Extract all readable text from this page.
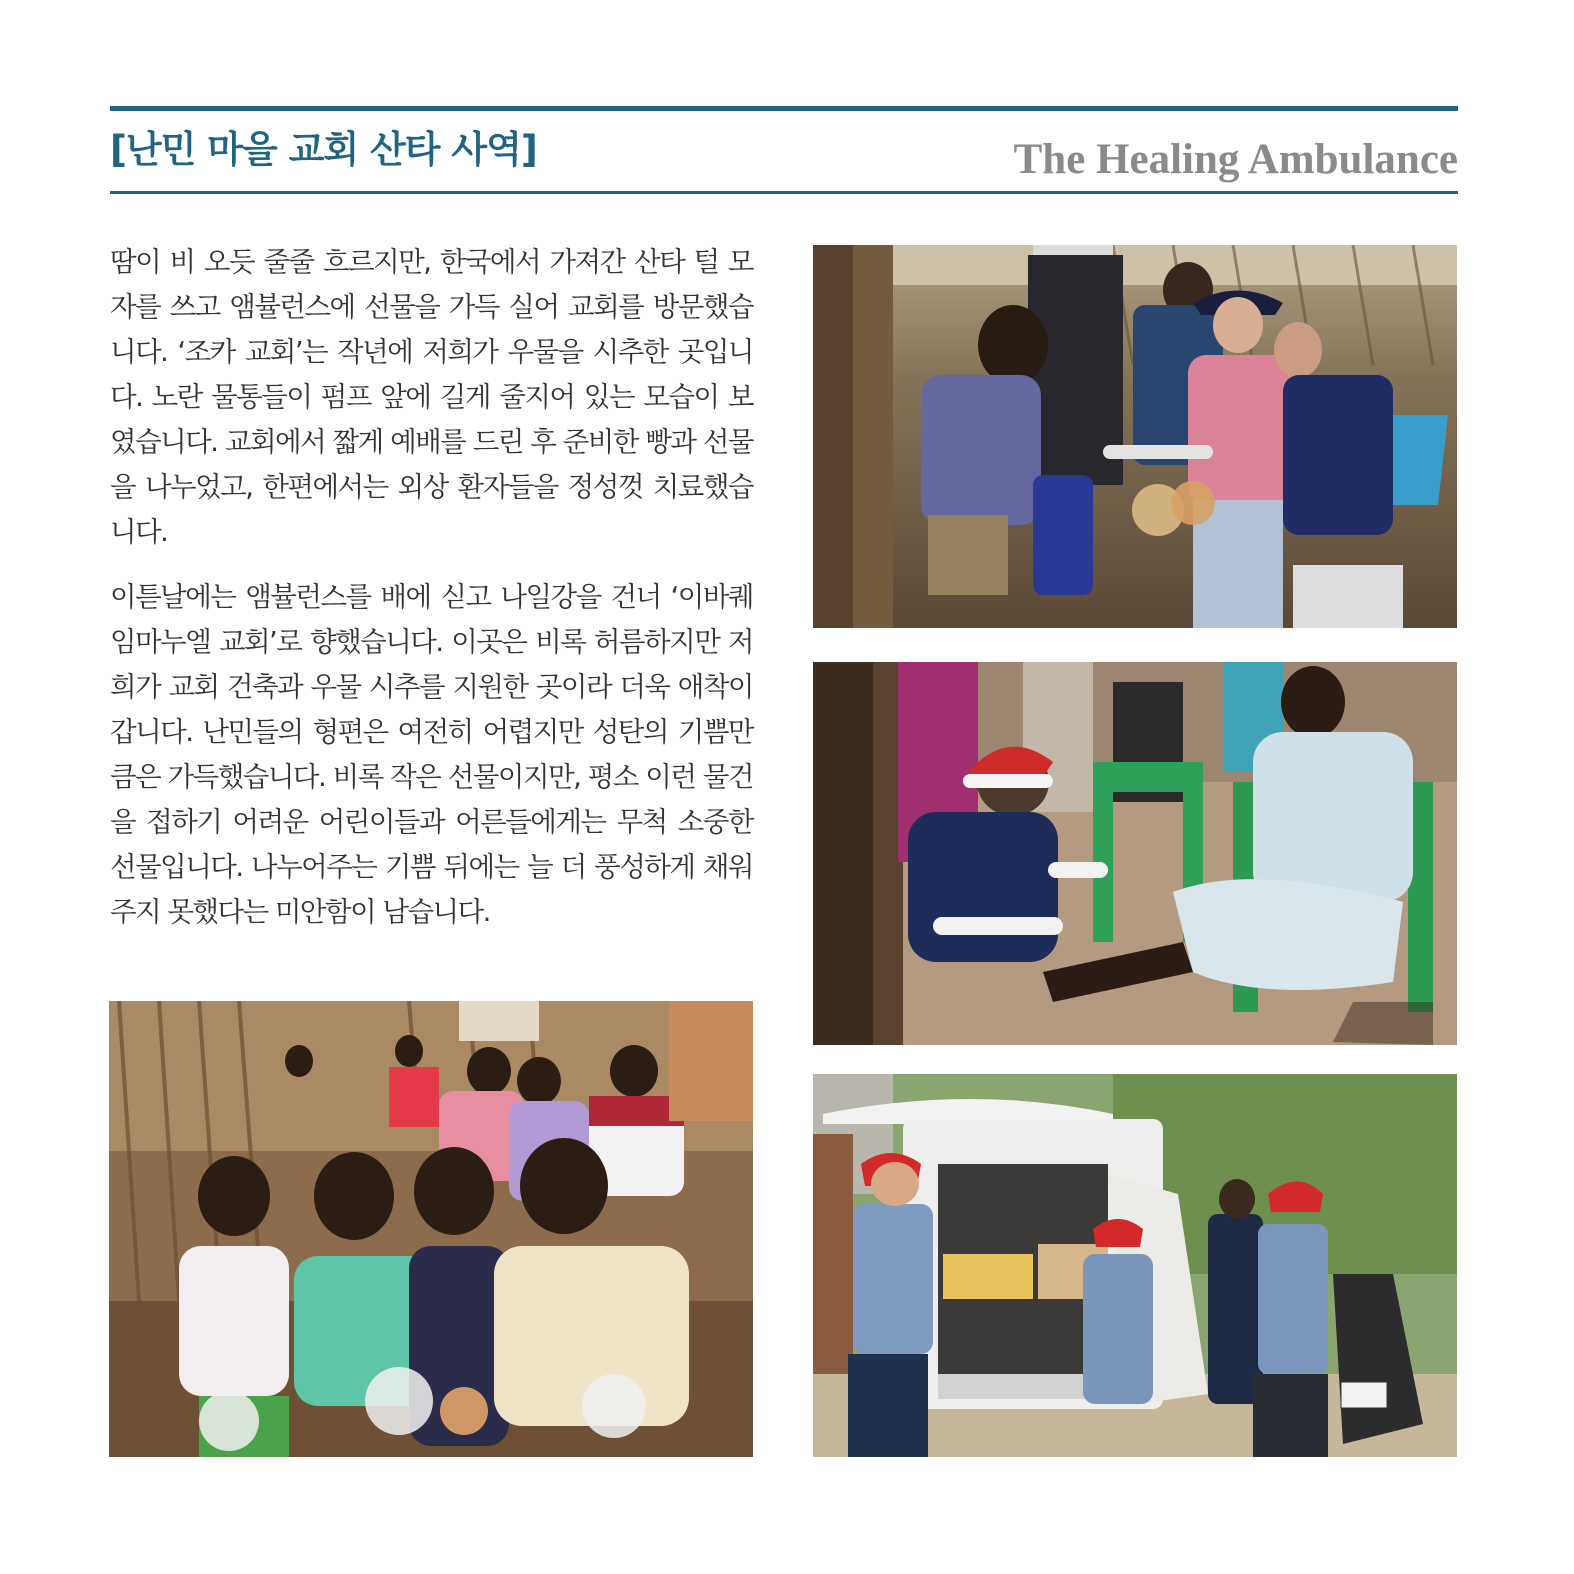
[난민 마을 교회 산타 사역]	The Healing Ambulance

땀이 비 오듯 줄줄 흐르지만, 한국에서 가져간 산타 털 모자를 쓰고 앰뷸런스에 선물을 가득 실어 교회를 방문했습니다. ‘조카 교회’는 작년에 저희가 우물을 시추한 곳입니다. 노란 물통들이 펌프 앞에 길게 줄지어 있는 모습이 보였습니다. 교회에서 짧게 예배를 드린 후 준비한 빵과 선물을 나누었고, 한편에서는 외상 환자들을 정성껏 치료했습니다.

이튿날에는 앰뷸런스를 배에 싣고 나일강을 건너 ‘이바퀘 임마누엘 교회’로 향했습니다. 이곳은 비록 허름하지만 저희가 교회 건축과 우물 시추를 지원한 곳이라 더욱 애착이 갑니다. 난민들의 형편은 여전히 어렵지만 성탄의 기쁨만큼은 가득했습니다. 비록 작은 선물이지만, 평소 이런 물건을 접하기 어려운 어린이들과 어른들에게는 무척 소중한 선물입니다. 나누어주는 기쁨 뒤에는 늘 더 풍성하게 채워주지 못했다는 미안함이 남습니다.
